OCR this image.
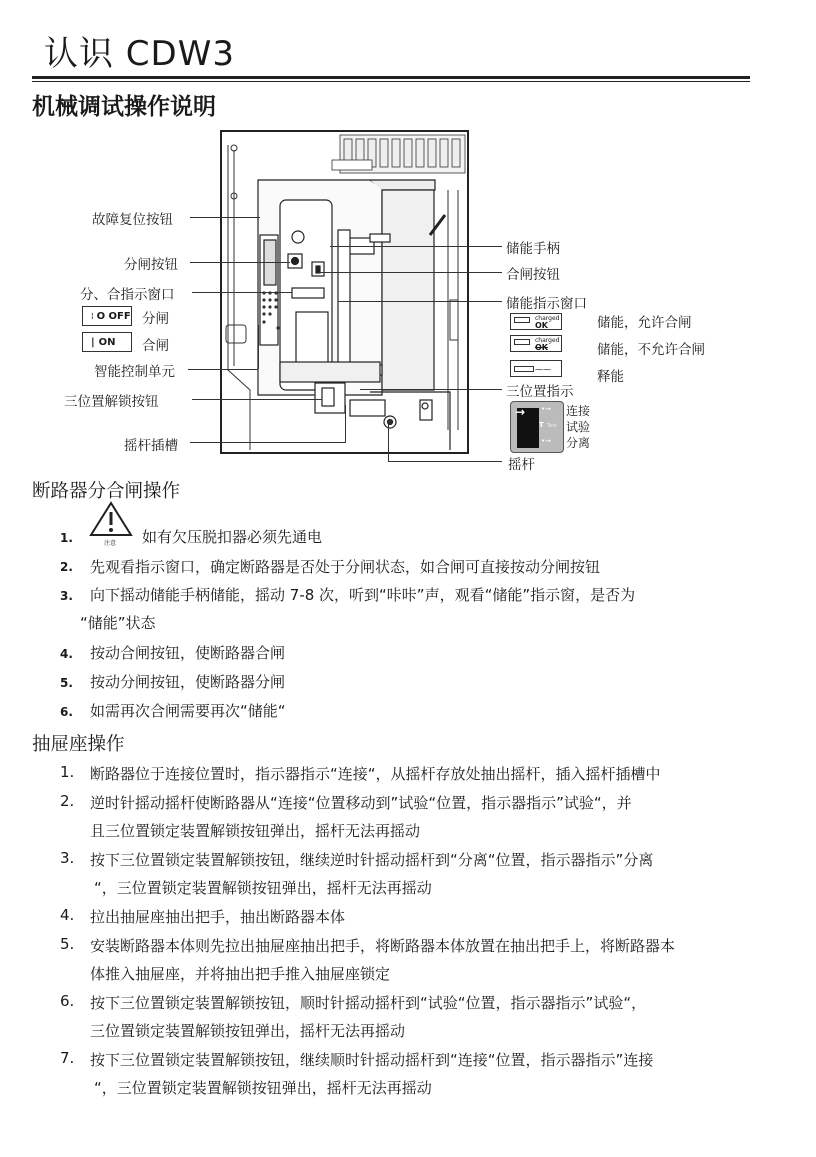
认识 CDW3
机械调试操作说明
故障复位按钮
分闸按钮
分、合指示窗口
¦ O OFF 分闸
| ON 合闸
智能控制单元
三位置解锁按钮
摇杆插槽
储能手柄
合闸按钮
储能指示窗口
charged
OK	储能，允许合闸
charged
OK	储能，不允许合闸
⁓⁓	释能
三位置指示
→ •→
T Test
•→
连接
试验
分离
摇杆
断路器分合闸操作
1.	注意 如有欠压脱扣器必须先通电
2. 先观看指示窗口，确定断路器是否处于分闸状态，如合闸可直接按动分闸按钮
3. 向下摇动储能手柄储能，摇动 7-8 次，听到“咔咔”声，观看“储能”指示窗，是否为
“储能”状态
4. 按动合闸按钮，使断路器合闸
5. 按动分闸按钮，使断路器分闸
6. 如需再次合闸需要再次“储能“
抽屉座操作
1. 断路器位于连接位置时，指示器指示“连接“，从摇杆存放处抽出摇杆，插入摇杆插槽中
2. 逆时针摇动摇杆使断路器从“连接“位置移动到”试验“位置，指示器指示”试验“，并
且三位置锁定装置解锁按钮弹出，摇杆无法再摇动
3. 按下三位置锁定装置解锁按钮，继续逆时针摇动摇杆到“分离“位置，指示器指示”分离
“，三位置锁定装置解锁按钮弹出，摇杆无法再摇动
4. 拉出抽屉座抽出把手，抽出断路器本体
5. 安装断路器本体则先拉出抽屉座抽出把手，将断路器本体放置在抽出把手上，将断路器本
体推入抽屉座，并将抽出把手推入抽屉座锁定
6. 按下三位置锁定装置解锁按钮，顺时针摇动摇杆到“试验“位置，指示器指示”试验“，
三位置锁定装置解锁按钮弹出，摇杆无法再摇动
7. 按下三位置锁定装置解锁按钮，继续顺时针摇动摇杆到“连接“位置，指示器指示”连接
“，三位置锁定装置解锁按钮弹出，摇杆无法再摇动
